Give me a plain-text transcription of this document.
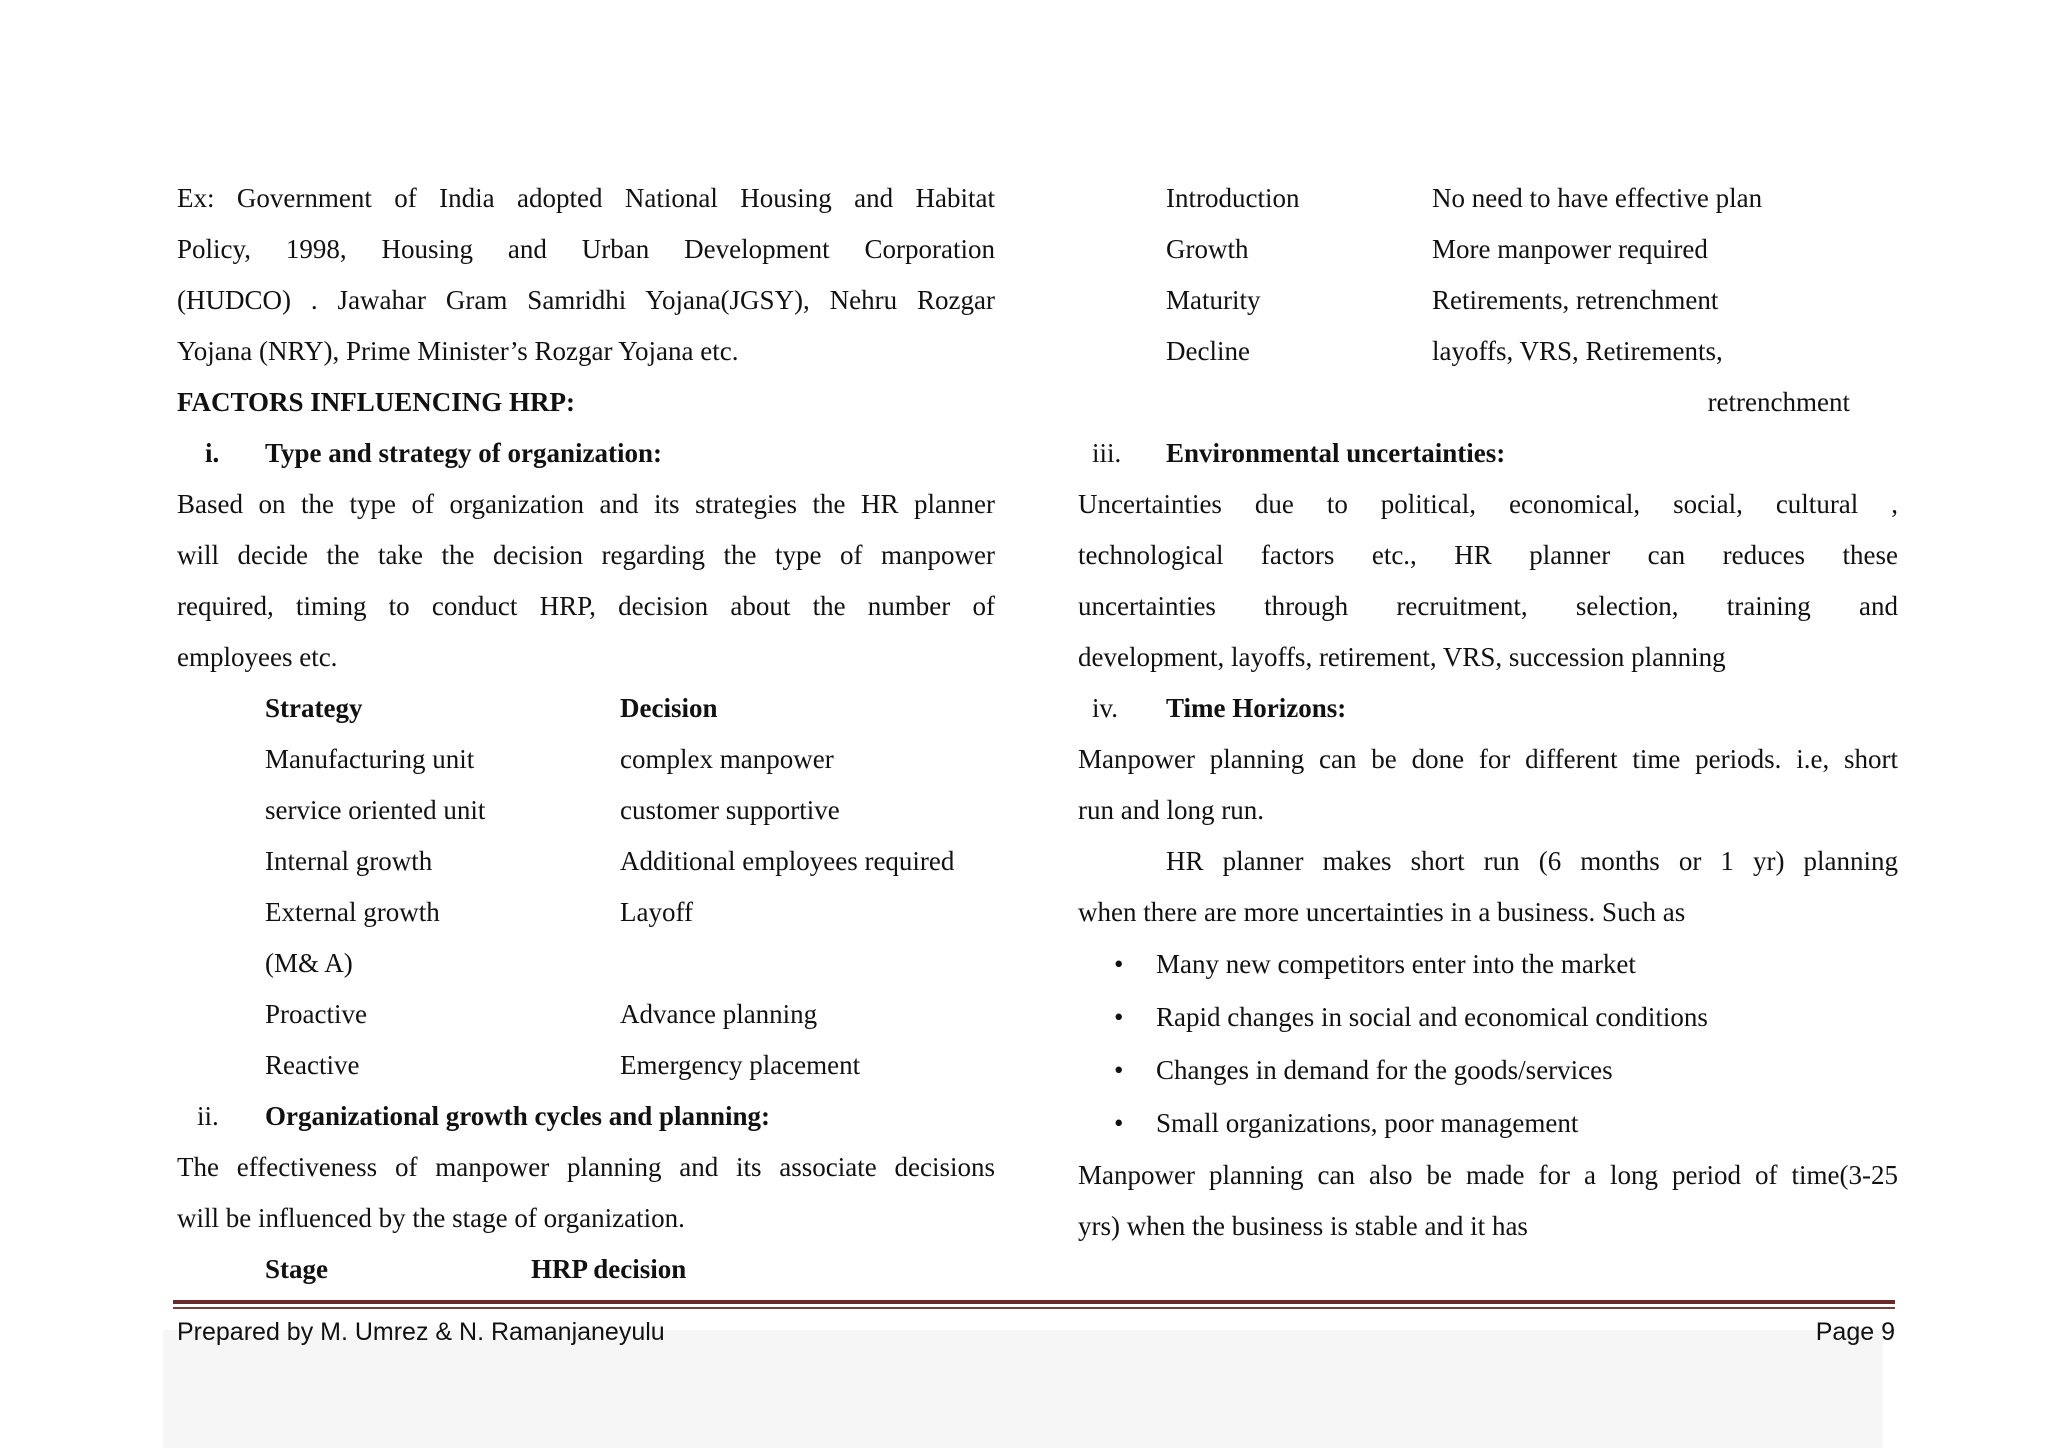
Ex: Government of India adopted National Housing and Habitat
Policy, 1998, Housing and Urban Development Corporation
(HUDCO) . Jawahar Gram Samridhi Yojana(JGSY), Nehru Rozgar
Yojana (NRY), Prime Minister’s Rozgar Yojana etc.
FACTORS INFLUENCING HRP:
i. Type and strategy of organization:
Based on the type of organization and its strategies the HR planner
will decide the take the decision regarding the type of manpower
required, timing to conduct HRP, decision about the number of
employees etc.
Strategy	Decision
Manufacturing unit	complex manpower
service oriented unit	customer supportive
Internal growth	Additional employees required
External growth	Layoff
(M& A)
Proactive	Advance planning
Reactive	Emergency placement
ii. Organizational growth cycles and planning:
The effectiveness of manpower planning and its associate decisions
will be influenced by the stage of organization.
Stage	HRP decision
Introduction	No need to have effective plan
Growth	More manpower required
Maturity	Retirements, retrenchment
Decline	layoffs, VRS, Retirements,
retrenchment
iii. Environmental uncertainties:
Uncertainties due to political, economical, social, cultural ,
technological factors etc., HR planner can reduces these
uncertainties through recruitment, selection, training and
development, layoffs, retirement, VRS, succession planning
iv. Time Horizons:
Manpower planning can be done for different time periods. i.e, short
run and long run.
HR planner makes short run (6 months or 1 yr) planning
when there are more uncertainties in a business. Such as
• Many new competitors enter into the market
• Rapid changes in social and economical conditions
• Changes in demand for the goods/services
• Small organizations, poor management
Manpower planning can also be made for a long period of time(3-25
yrs) when the business is stable and it has
Prepared by M. Umrez & N. Ramanjaneyulu	Page 9
